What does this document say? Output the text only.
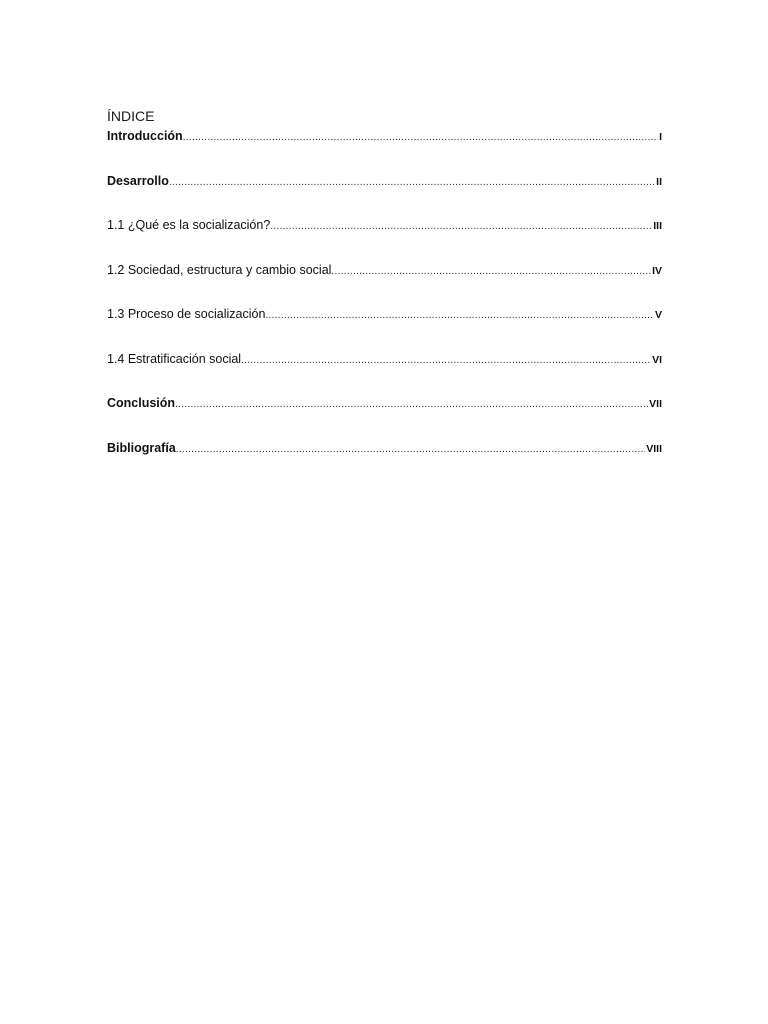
ÍNDICE
Introducción .....	I
Desarrollo .....	II
1.1 ¿Qué es la socialización? .....	III
1.2 Sociedad, estructura y cambio social .....	IV
1.3 Proceso de socialización .....	V
1.4 Estratificación social .....	VI
Conclusión .....	VII
Bibliografía .....	VIII
